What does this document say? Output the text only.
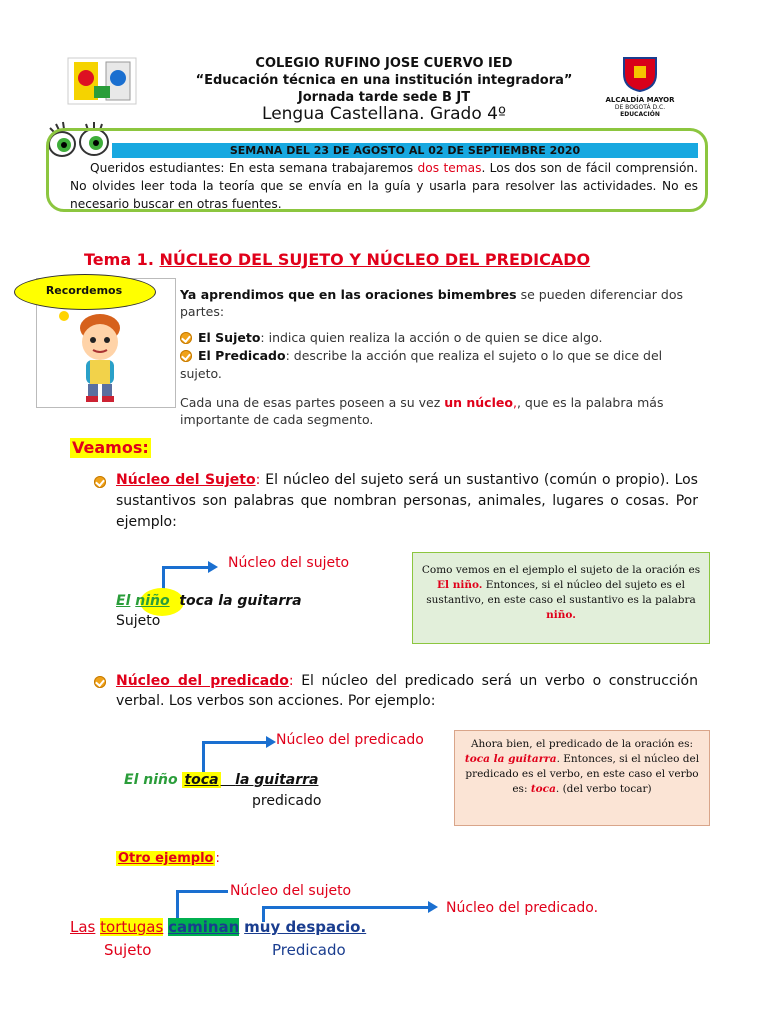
ALCALDÍA MAYOR
DE BOGOTÁ D.C.
EDUCACIÓN
COLEGIO RUFINO JOSE CUERVO IED
“Educación técnica en una institución integradora”
Jornada tarde sede B JT
Lengua Castellana. Grado 4º
SEMANA DEL 23 DE AGOSTO AL 02 DE SEPTIEMBRE 2020
Queridos estudiantes: En esta semana trabajaremos dos temas. Los dos son de fácil comprensión. No olvides leer toda la teoría que se envía en la guía y usarla para resolver las actividades. No es necesario buscar en otras fuentes.
Tema 1. NÚCLEO DEL SUJETO Y NÚCLEO DEL PREDICADO
Recordemos	Ya aprendimos que en las oraciones bimembres se pueden diferenciar dos partes:
El Sujeto: indica quien realiza la acción o de quien se dice algo.
El Predicado: describe la acción que realiza el sujeto o lo que se dice del sujeto.
Cada una de esas partes poseen a su vez un núcleo,, que es la palabra más importante de cada segmento.
Veamos:
Núcleo del Sujeto: El núcleo del sujeto será un sustantivo (común o propio). Los sustantivos son palabras que nombran personas, animales, lugares o cosas. Por ejemplo:
Núcleo del sujeto
El niño toca la guitarra
Sujeto
Como vemos en el ejemplo el sujeto de la oración es El niño. Entonces, si el núcleo del sujeto es el sustantivo, en este caso el sustantivo es la palabra niño.
Núcleo del predicado: El núcleo del predicado será un verbo o construcción verbal. Los verbos son acciones. Por ejemplo:
Núcleo del predicado
El niño toca la guitarra
predicado
Ahora bien, el predicado de la oración es: toca la guitarra. Entonces, si el núcleo del predicado es el verbo, en este caso el verbo es: toca. (del verbo tocar)
Otro ejemplo :
Núcleo del sujeto
Núcleo del predicado.
Las tortugas caminan muy despacio.
Sujeto	Predicado
